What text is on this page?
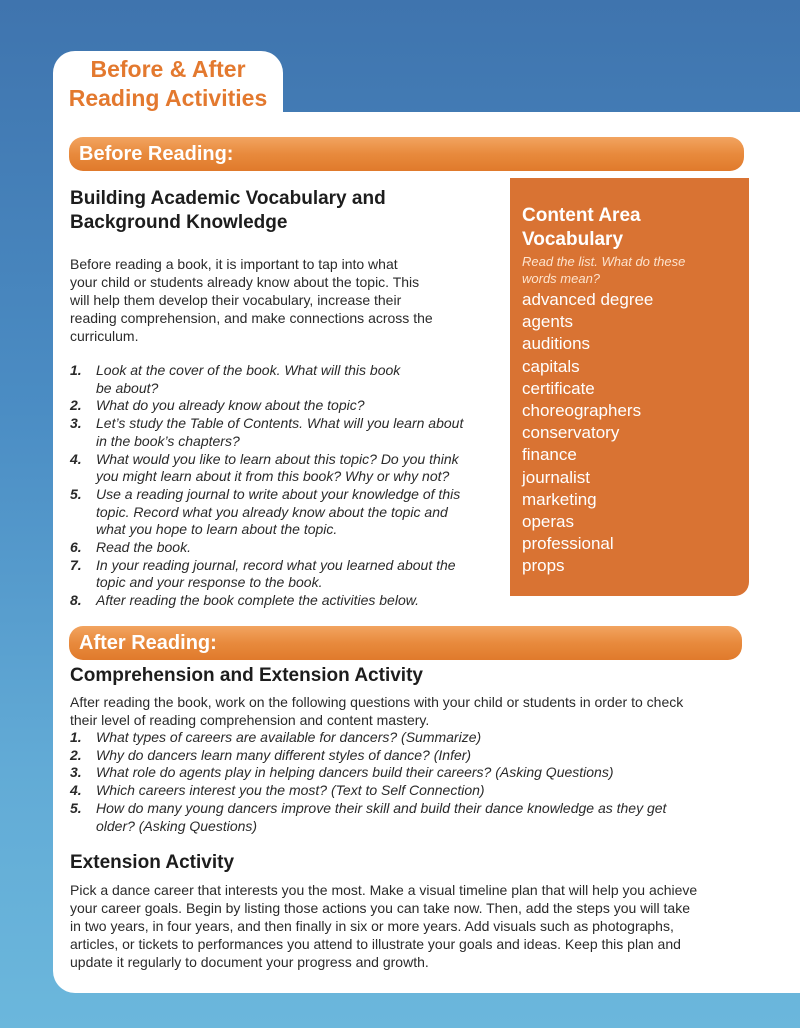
Before & After
Reading Activities
Before Reading:
Building Academic Vocabulary and
Background Knowledge

Before reading a book, it is important to tap into what
your child or students already know about the topic. This
will help them develop their vocabulary, increase their
reading comprehension, and make connections across the
curriculum.

1. Look at the cover of the book. What will this book
be about?
2. What do you already know about the topic?
3. Let’s study the Table of Contents. What will you learn about
in the book’s chapters?
4. What would you like to learn about this topic? Do you think
you might learn about it from this book? Why or why not?
5. Use a reading journal to write about your knowledge of this
topic. Record what you already know about the topic and
what you hope to learn about the topic.
6. Read the book.
7. In your reading journal, record what you learned about the
topic and your response to the book.
8. After reading the book complete the activities below.
Content Area
Vocabulary

Read the list. What do these
words mean?

advanced degree
agents
auditions
capitals
certificate
choreographers
conservatory
finance
journalist
marketing
operas
professional
props
After Reading:
Comprehension and Extension Activity

After reading the book, work on the following questions with your child or students in order to check
their level of reading comprehension and content mastery.

1. What types of careers are available for dancers? (Summarize)
2. Why do dancers learn many different styles of dance? (Infer)
3. What role do agents play in helping dancers build their careers? (Asking Questions)
4. Which careers interest you the most? (Text to Self Connection)
5. How do many young dancers improve their skill and build their dance knowledge as they get
older? (Asking Questions)
Extension Activity

Pick a dance career that interests you the most. Make a visual timeline plan that will help you achieve
your career goals. Begin by listing those actions you can take now. Then, add the steps you will take
in two years, in four years, and then finally in six or more years. Add visuals such as photographs,
articles, or tickets to performances you attend to illustrate your goals and ideas. Keep this plan and
update it regularly to document your progress and growth.
